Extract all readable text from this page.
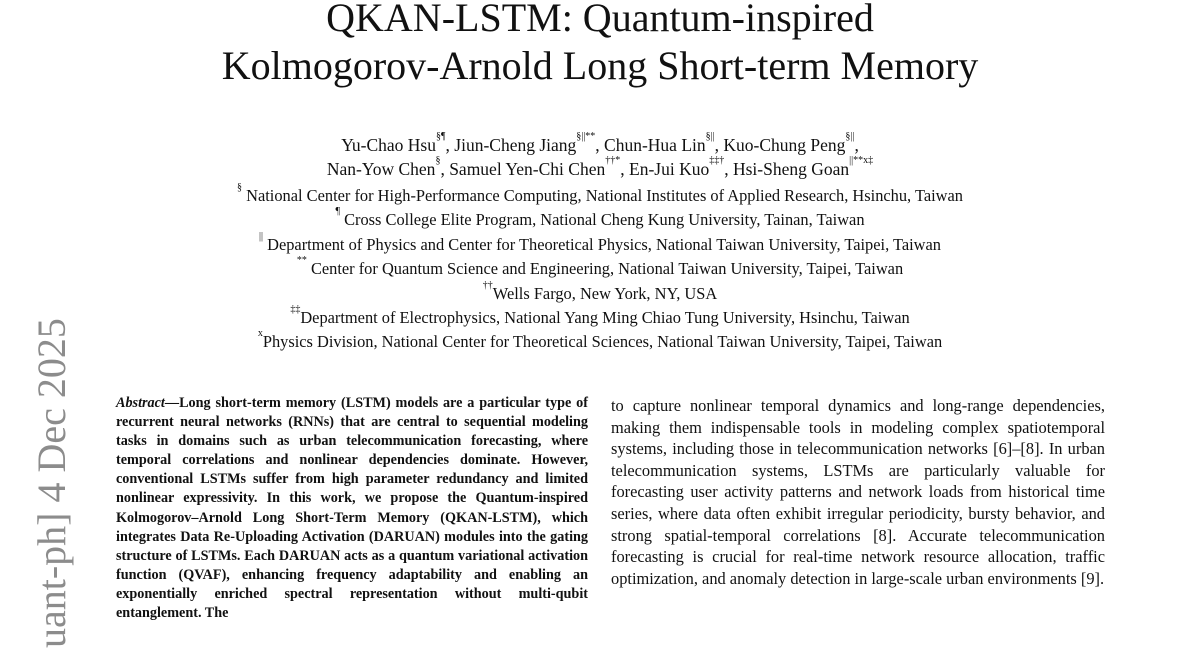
QKAN-LSTM: Quantum-inspired
Kolmogorov-Arnold Long Short-term Memory
Yu-Chao Hsu§¶, Jiun-Cheng Jiang§||**, Chun-Hua Lin§||, Kuo-Chung Peng§||,
Nan-Yow Chen§, Samuel Yen-Chi Chen††*, En-Jui Kuo‡‡†, Hsi-Sheng Goan$^{||**x\ddagger}$
§ National Center for High-Performance Computing, National Institutes of Applied Research, Hsinchu, Taiwan
¶ Cross College Elite Program, National Cheng Kung University, Tainan, Taiwan
|| Department of Physics and Center for Theoretical Physics, National Taiwan University, Taipei, Taiwan
** Center for Quantum Science and Engineering, National Taiwan University, Taipei, Taiwan
††Wells Fargo, New York, NY, USA
‡‡Department of Electrophysics, National Yang Ming Chiao Tung University, Hsinchu, Taiwan
$^x$Physics Division, National Center for Theoretical Sciences, National Taiwan University, Taipei, Taiwan
uant-ph] 4 Dec 2025	Abstract—Long short-term memory (LSTM) models are a particular type of recurrent neural networks (RNNs) that are central to sequential modeling tasks in domains such as urban telecommunication forecasting, where temporal correlations and nonlinear dependencies dominate. However, conventional LSTMs suffer from high parameter redundancy and limited nonlinear expressivity. In this work, we propose the Quantum-inspired Kolmogorov–Arnold Long Short-Term Memory (QKAN-LSTM), which integrates Data Re-Uploading Activation (DARUAN) modules into the gating structure of LSTMs. Each DARUAN acts as a quantum variational activation function (QVAF), enhancing frequency adaptability and enabling an exponentially enriched spectral representation without multi-qubit entanglement. The
to capture nonlinear temporal dynamics and long-range dependencies, making them indispensable tools in modeling complex spatiotemporal systems, including those in telecommunication networks [6]–[8]. In urban telecommunication systems, LSTMs are particularly valuable for forecasting user activity patterns and network loads from historical time series, where data often exhibit irregular periodicity, bursty behavior, and strong spatial-temporal correlations [8]. Accurate telecommunication forecasting is crucial for real-time network resource allocation, traffic optimization, and anomaly detection in large-scale urban environments [9].
